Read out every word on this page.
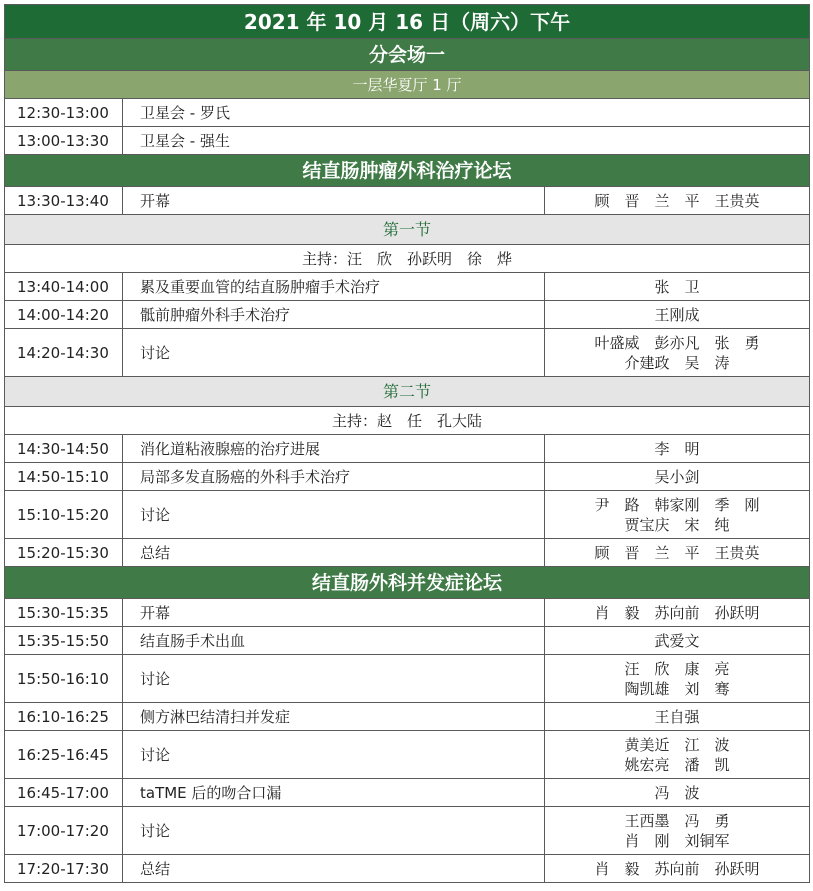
2021 年 10 月 16 日（周六）下午		
分会场一		
一层华夏厅 1 厅		
12:30-13:00	卫星会 - 罗氏	
13:00-13:30	卫星会 - 强生	
结直肠肿瘤外科治疗论坛		
13:30-13:40	开幕	顾　晋　兰　平　王贵英

第一节		
主持：汪　欣　孙跃明　徐　烨		
13:40-14:00	累及重要血管的结直肠肿瘤手术治疗	张　卫

14:00-14:20	骶前肿瘤外科手术治疗	王刚成

14:20-14:30	讨论	叶盛威　彭亦凡　张　勇
介建政　吴　涛

第二节		
主持：赵　任　孔大陆		
14:30-14:50	消化道粘液腺癌的治疗进展	李　明

14:50-15:10	局部多发直肠癌的外科手术治疗	吴小剑

15:10-15:20	讨论	尹　路　韩家刚　季　刚
贾宝庆　宋　纯

15:20-15:30	总结	顾　晋　兰　平　王贵英

结直肠外科并发症论坛		
15:30-15:35	开幕	肖　毅　苏向前　孙跃明

15:35-15:50	结直肠手术出血	武爱文

15:50-16:10	讨论	汪　欣　康　亮
陶凯雄　刘　骞

16:10-16:25	侧方淋巴结清扫并发症	王自强

16:25-16:45	讨论	黄美近　江　波
姚宏亮　潘　凯

16:45-17:00	taTME 后的吻合口漏	冯　波

17:00-17:20	讨论	王西墨　冯　勇
肖　刚　刘铜军

17:20-17:30	总结	肖　毅　苏向前　孙跃明
